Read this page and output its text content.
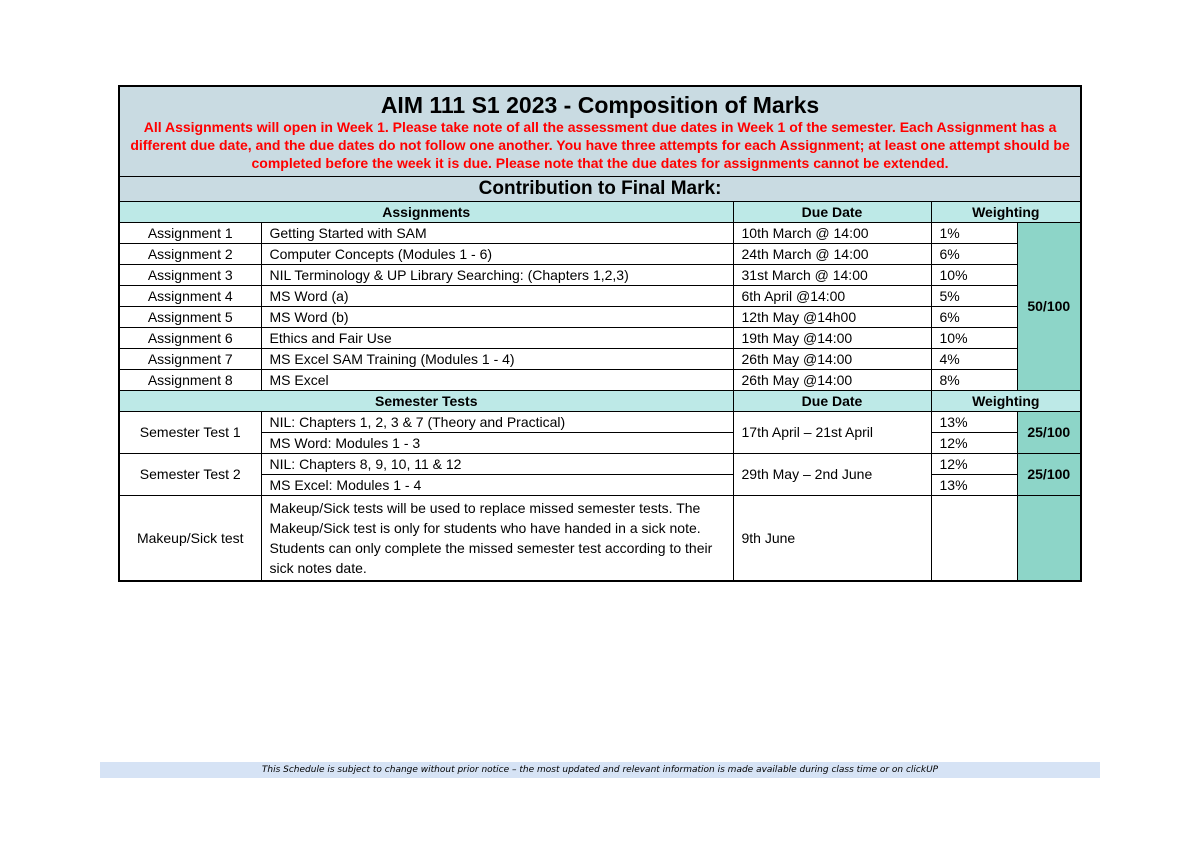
AIM 111 S1 2023 - Composition of Marks
All Assignments will open in Week 1. Please take note of all the assessment due dates in Week 1 of the semester. Each Assignment has a different due date, and the due dates do not follow one another. You have three attempts for each Assignment; at least one attempt should be completed before the week it is due. Please note that the due dates for assignments cannot be extended.				

Contribution to Final Mark:				
Assignments		Due Date	Weighting	
Assignment 1	Getting Started with SAM	10th March @ 14:00	1%	50/100
Assignment 2	Computer Concepts (Modules 1 - 6)	24th March @ 14:00	6%	
Assignment 3	NIL Terminology & UP Library Searching: (Chapters 1,2,3)	31st March @ 14:00	10%	
Assignment 4	MS Word (a)	6th April @14:00	5%	
Assignment 5	MS Word (b)	12th May @14h00	6%	
Assignment 6	Ethics and Fair Use	19th May @14:00	10%	
Assignment 7	MS Excel SAM Training (Modules 1 - 4)	26th May @14:00	4%	
Assignment 8	MS Excel	26th May @14:00	8%	
Semester Tests		Due Date	Weighting	
Semester Test 1	NIL: Chapters 1, 2, 3 & 7 (Theory and Practical)	17th April – 21st April	13%	25/100
	MS Word: Modules 1 - 3		12%	
Semester Test 2	NIL: Chapters 8, 9, 10, 11 & 12	29th May – 2nd June	12%	25/100
	MS Excel: Modules 1 - 4		13%	
Makeup/Sick test	Makeup/Sick tests will be used to replace missed semester tests. The Makeup/Sick test is only for students who have handed in a sick note. Students can only complete the missed semester test according to their sick notes date.	9th June		
This Schedule is subject to change without prior notice – the most updated and relevant information is made available during class time or on clickUP
